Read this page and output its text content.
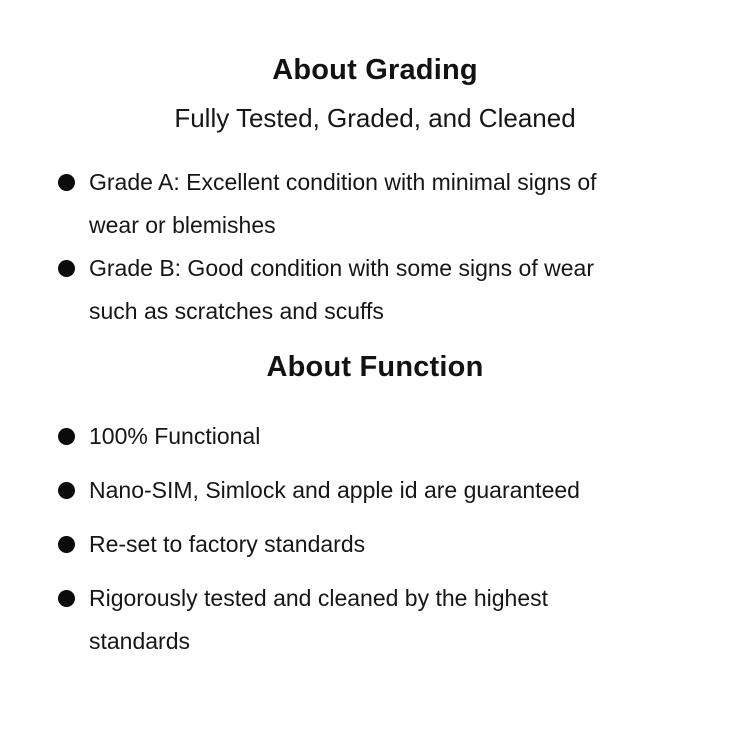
About Grading

Fully Tested, Graded, and Cleaned

Grade A: Excellent condition with minimal signs of
wear or blemishes
Grade B: Good condition with some signs of wear
such as scratches and scuffs
About Function
100% Functional
Nano-SIM, Simlock and apple id are guaranteed
Re-set to factory standards
Rigorously tested and cleaned by the highest
standards
